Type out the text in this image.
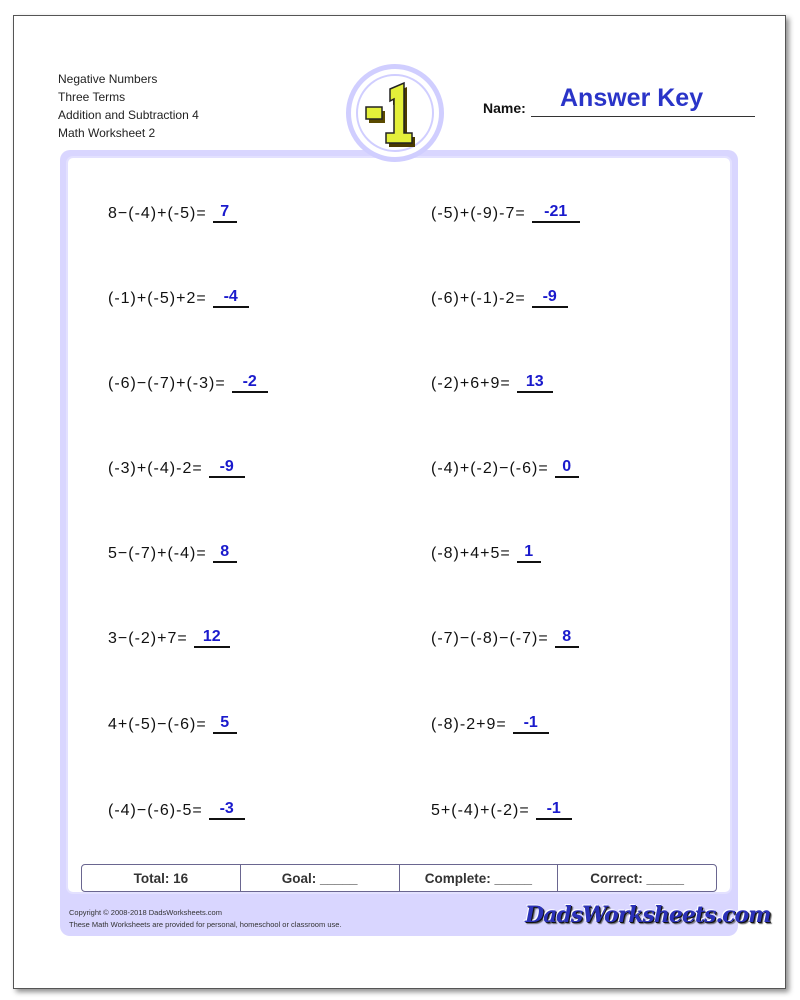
Negative Numbers
Three Terms
Addition and Subtraction 4
Math Worksheet 2
Name: Answer Key
8−(-4)+(-5)= 7
(-1)+(-5)+2=	-4
(-6)−(-7)+(-3)=	-2
(-3)+(-4)-2=	-9
5−(-7)+(-4)= 8
3−(-2)+7= 12
4+(-5)−(-6)= 5
(-4)−(-6)-5=	-3
(-5)+(-9)-7=	-21
(-6)+(-1)-2=	-9
(-2)+6+9= 13
(-4)+(-2)−(-6)= 0
(-8)+4+5= 1
(-7)−(-8)−(-7)= 8
(-8)-2+9=	-1
5+(-4)+(-2)=	-1
Total: 16	Goal: _____	Complete: _____	Correct: _____
Copyright © 2008-2018 DadsWorksheets.com
These Math Worksheets are provided for personal, homeschool or classroom use.	DadsWorksheets.com
